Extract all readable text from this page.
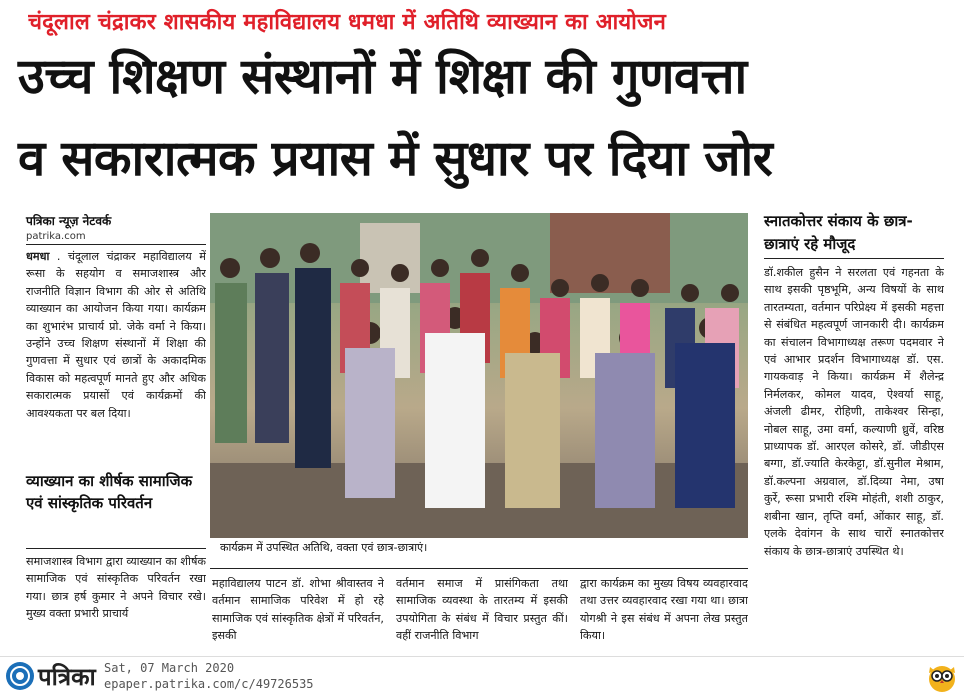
चंदूलाल चंद्राकर शासकीय महाविद्यालय धमधा में अतिथि व्याख्यान का आयोजन
उच्च शिक्षण संस्थानों में शिक्षा की गुणवत्ता
व सकारात्मक प्रयास में सुधार पर दिया जोर
पत्रिका न्यूज़ नेटवर्क
patrika.com
धमधा . चंदूलाल चंद्राकर महाविद्यालय में रूसा के सहयोग व समाजशास्त्र और राजनीति विज्ञान विभाग की ओर से अतिथि व्याख्यान का आयोजन किया गया। कार्यक्रम का शुभारंभ प्राचार्य प्रो. जेके वर्मा ने किया। उन्होंने उच्च शिक्षण संस्थानों में शिक्षा की गुणवत्ता में सुधार एवं छात्रों के अकादमिक विकास को महत्वपूर्ण मानते हुए और अधिक सकारात्मक प्रयासों एवं कार्यक्रमों की आवश्यकता पर बल दिया।
व्याख्यान का शीर्षक सामाजिक एवं सांस्कृतिक परिवर्तन
समाजशास्त्र विभाग द्वारा व्याख्यान का शीर्षक सामाजिक एवं सांस्कृतिक परिवर्तन रखा गया। छात्र हर्ष कुमार ने अपने विचार रखे। मुख्य वक्ता प्रभारी प्राचार्य
कार्यक्रम में उपस्थित अतिथि, वक्ता एवं छात्र-छात्राएं।
महाविद्यालय पाटन डॉ. शोभा श्रीवास्तव ने वर्तमान सामाजिक परिवेश में हो रहे सामाजिक एवं सांस्कृतिक क्षेत्रों में परिवर्तन, इसकी
वर्तमान समाज में प्रासंगिकता तथा सामाजिक व्यवस्था के तारतम्य में इसकी उपयोगिता के संबंध में विचार प्रस्तुत कीं। वहीं राजनीति विभाग
द्वारा कार्यक्रम का मुख्य विषय व्यवहारवाद तथा उत्तर व्यवहारवाद रखा गया था। छात्रा योगश्री ने इस संबंध में अपना लेख प्रस्तुत किया।
स्नातकोत्तर संकाय के छात्र-छात्राएं रहे मौजूद
डॉ.शकील हुसैन ने सरलता एवं गहनता के साथ इसकी पृष्ठभूमि, अन्य विषयों के साथ तारतम्यता, वर्तमान परिप्रेक्ष्य में इसकी महत्ता से संबंधित महत्वपूर्ण जानकारी दी। कार्यक्रम का संचालन विभागाध्यक्ष तरूण पदमवार ने एवं आभार प्रदर्शन विभागाध्यक्ष डॉ. एस. गायकवाड़ ने किया। कार्यक्रम में शैलेन्द्र निर्मलकर, कोमल यादव, ऐश्वर्या साहू, अंजली ढीमर, रोहिणी, ताकेश्वर सिन्हा, नोबल साहू, उमा वर्मा, कल्याणी ध्रुवें, वरिष्ठ प्राध्यापक डॉ. आरएल कोसरे, डॉ. जीडीएस बग्गा, डॉ.ज्याति केरकेट्टा, डॉ.सुनील मेश्राम, डॉ.कल्पना अग्रवाल, डॉ.दिव्या नेमा, उषा कुर्रे, रूसा प्रभारी रश्मि मोहंती, शशी ठाकुर, शबीना खान, तृप्ति वर्मा, ओंकार साहू, डॉ. एलके देवांगन के साथ चारों स्नातकोत्तर संकाय के छात्र-छात्राएं उपस्थित थे।
पत्रिका Sat, 07 March 2020
epaper.patrika.com/c/49726535
